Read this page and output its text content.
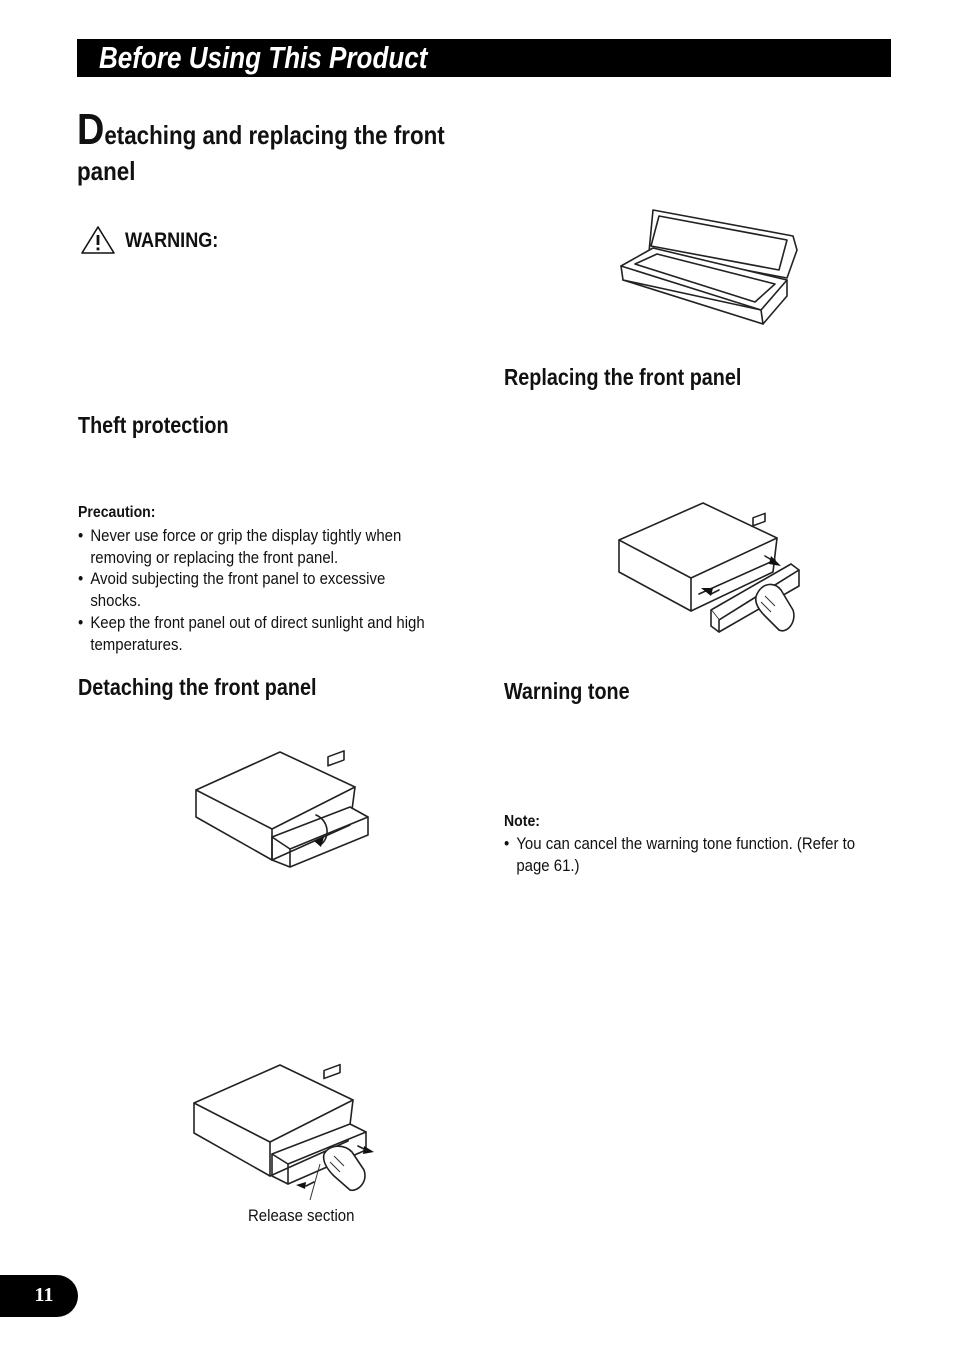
Before Using This Product
Detaching and replacing the front panel
WARNING:
Theft protection
Precaution:
• Never use force or grip the display tightly when
removing or replacing the front panel.
• Avoid subjecting the front panel to excessive
shocks.
• Keep the front panel out of direct sunlight and high
temperatures.
Detaching the front panel
Release section
Replacing the front panel
Warning tone
Note:
• You can cancel the warning tone function. (Refer to
page 61.)
11
